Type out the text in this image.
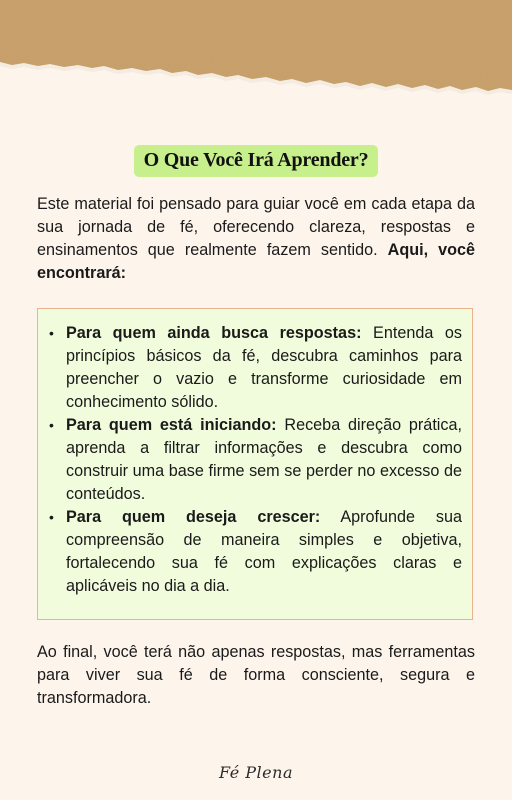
O Que Você Irá Aprender?

Este material foi pensado para guiar você em cada etapa da sua jornada de fé, oferecendo clareza, respostas e ensinamentos que realmente fazem sentido. Aqui, você encontrará:

• Para quem ainda busca respostas: Entenda os princípios básicos da fé, descubra caminhos para preencher o vazio e transforme curiosidade em conhecimento sólido.
• Para quem está iniciando: Receba direção prática, aprenda a filtrar informações e descubra como construir uma base firme sem se perder no excesso de conteúdos.
• Para quem deseja crescer: Aprofunde sua compreensão de maneira simples e objetiva, fortalecendo sua fé com explicações claras e aplicáveis no dia a dia.

Ao final, você terá não apenas respostas, mas ferramentas para viver sua fé de forma consciente, segura e transformadora.

Fé Plena
